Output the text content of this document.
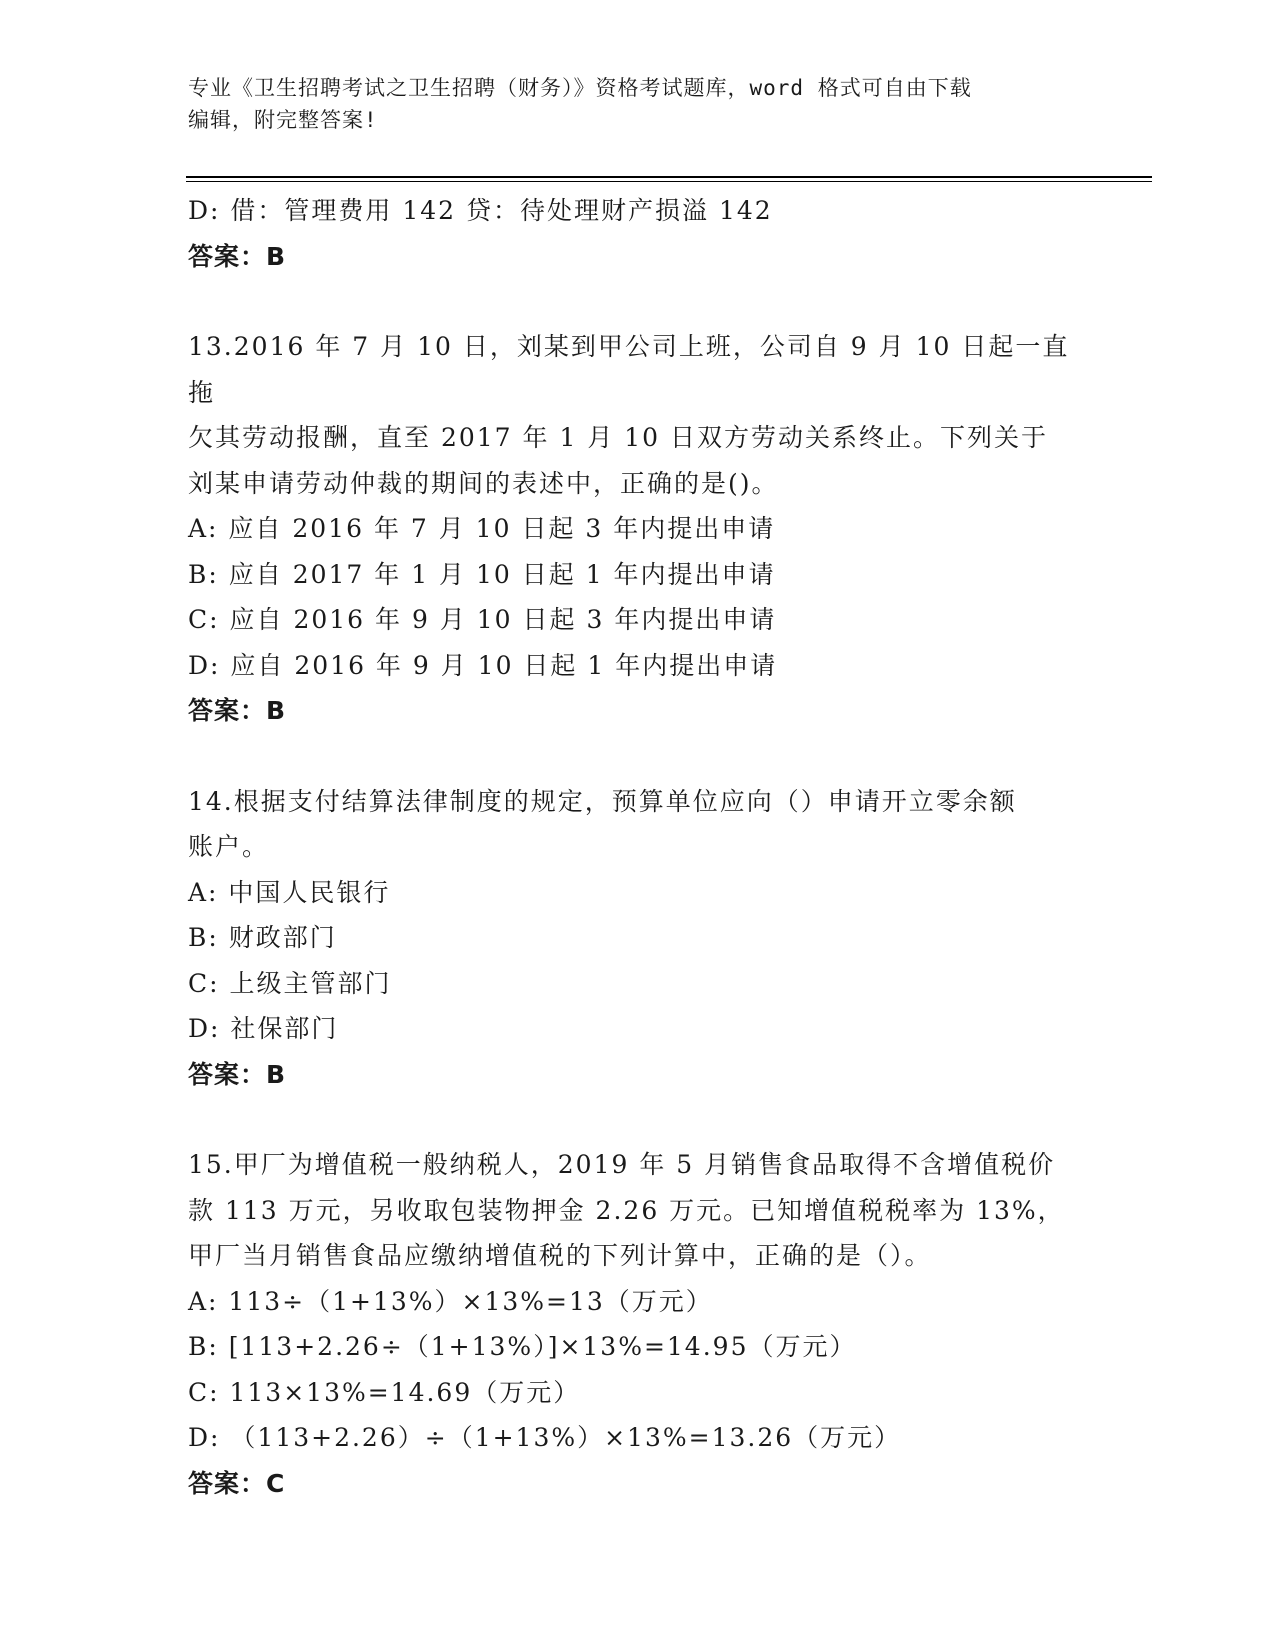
专业《卫生招聘考试之卫生招聘（财务）》资格考试题库，word 格式可自由下载
编辑，附完整答案!

D: 借：管理费用 142 贷：待处理财产损溢 142

答案：B

13.2016 年 7 月 10 日，刘某到甲公司上班，公司自 9 月 10 日起一直拖

欠其劳动报酬，直至 2017 年 1 月 10 日双方劳动关系终止。下列关于

刘某申请劳动仲裁的期间的表述中，正确的是()。

A: 应自 2016 年 7 月 10 日起 3 年内提出申请

B: 应自 2017 年 1 月 10 日起 1 年内提出申请

C: 应自 2016 年 9 月 10 日起 3 年内提出申请

D: 应自 2016 年 9 月 10 日起 1 年内提出申请

答案：B

14.根据支付结算法律制度的规定，预算单位应向（）申请开立零余额

账户。

A: 中国人民银行

B: 财政部门

C: 上级主管部门

D: 社保部门

答案：B

15.甲厂为增值税一般纳税人，2019 年 5 月销售食品取得不含增值税价

款 113 万元，另收取包装物押金 2.26 万元。已知增值税税率为 13%，

甲厂当月销售食品应缴纳增值税的下列计算中，正确的是（）。

A: 113÷（1+13%）×13%=13（万元）

B: [113+2.26÷（1+13%）]×13%=14.95（万元）

C: 113×13%=14.69（万元）

D: （113+2.26）÷（1+13%）×13%=13.26（万元）

答案：C
